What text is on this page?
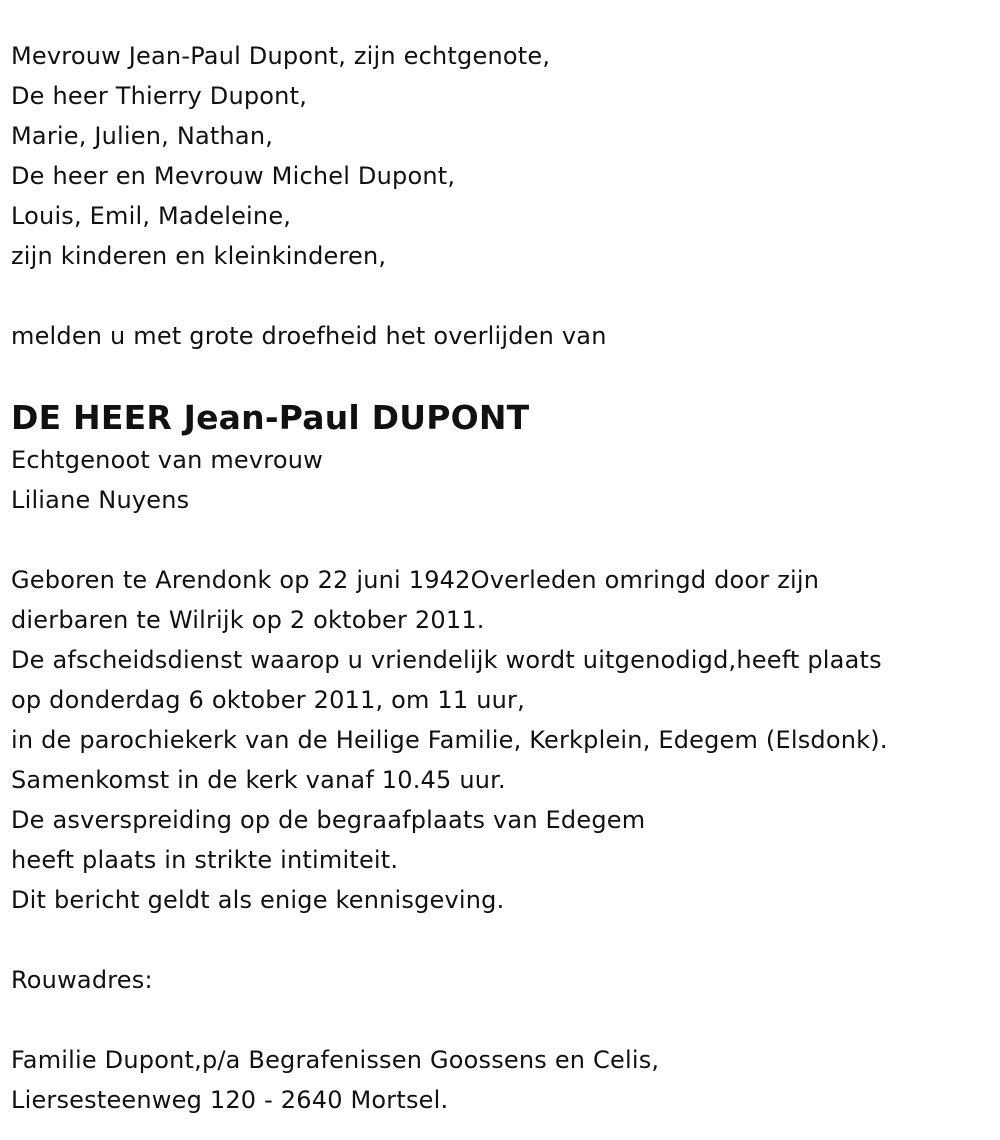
Mevrouw Jean-Paul Dupont, zijn echtgenote,
De heer Thierry Dupont,
Marie, Julien, Nathan,
De heer en Mevrouw Michel Dupont,
Louis, Emil, Madeleine,
zijn kinderen en kleinkinderen,
melden u met grote droefheid het overlijden van
DE HEER Jean-Paul DUPONT
Echtgenoot van mevrouw
Liliane Nuyens
Geboren te Arendonk op 22 juni 1942Overleden omringd door zijn
dierbaren te Wilrijk op 2 oktober 2011.
De afscheidsdienst waarop u vriendelijk wordt uitgenodigd,heeft plaats
op donderdag 6 oktober 2011, om 11 uur,
in de parochiekerk van de Heilige Familie, Kerkplein, Edegem (Elsdonk).
Samenkomst in de kerk vanaf 10.45 uur.
De asverspreiding op de begraafplaats van Edegem
heeft plaats in strikte intimiteit.
Dit bericht geldt als enige kennisgeving.
Rouwadres:
Familie Dupont,p/a Begrafenissen Goossens en Celis,
Liersesteenweg 120 - 2640 Mortsel.
